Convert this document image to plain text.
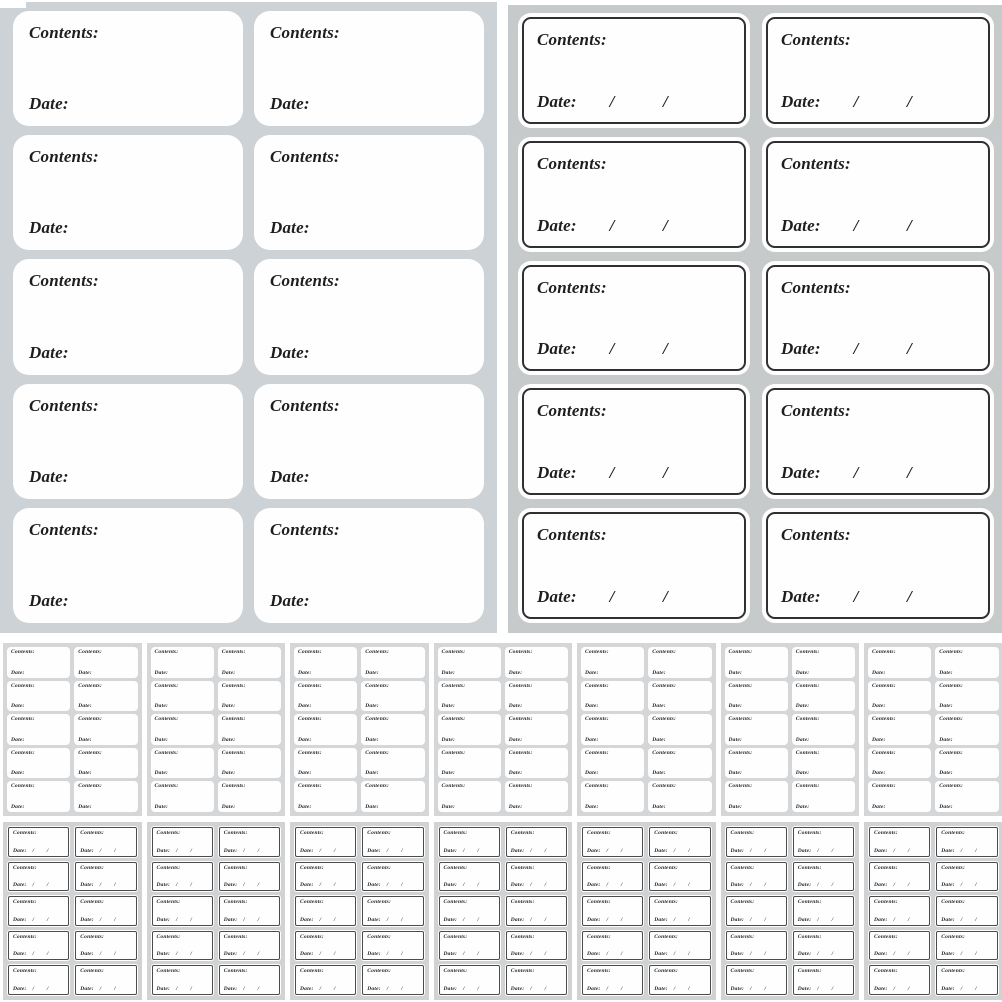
Contents:
Date:
Contents:
Date:
Contents:
Date:
Contents:
Date:
Contents:
Date:
Contents:
Date:
Contents:
Date:
Contents:
Date:
Contents:
Date:
Contents:
Date:
Contents:
Date: /	/
Contents:
Date: /	/
Contents:
Date: /	/
Contents:
Date: /	/
Contents:
Date: /	/
Contents:
Date: /	/
Contents:
Date: /	/
Contents:
Date: /	/
Contents:
Date: /	/
Contents:
Date: /	/
Contents:
Date:
Contents:
Date:
Contents:
Date:
Contents:
Date:
Contents:
Date:
Contents:
Date:
Contents:
Date:
Contents:
Date:
Contents:
Date:
Contents:
Date:
Contents:
Date:
Contents:
Date:
Contents:
Date:
Contents:
Date:
Contents:
Date:
Contents:
Date:
Contents:
Date:
Contents:
Date:
Contents:
Date:
Contents:
Date:
Contents:
Date:
Contents:
Date:
Contents:
Date:
Contents:
Date:
Contents:
Date:
Contents:
Date:
Contents:
Date:
Contents:
Date:
Contents:
Date:
Contents:
Date:
Contents:
Date:
Contents:
Date:
Contents:
Date:
Contents:
Date:
Contents:
Date:
Contents:
Date:
Contents:
Date:
Contents:
Date:
Contents:
Date:
Contents:
Date:
Contents:
Date:
Contents:
Date:
Contents:
Date:
Contents:
Date:
Contents:
Date:
Contents:
Date:
Contents:
Date:
Contents:
Date:
Contents:
Date:
Contents:
Date:
Contents:
Date:
Contents:
Date:
Contents:
Date:
Contents:
Date:
Contents:
Date:
Contents:
Date:
Contents:
Date:
Contents:
Date:
Contents:
Date:
Contents:
Date:
Contents:
Date:
Contents:
Date:
Contents:
Date:
Contents:
Date:
Contents:
Date:
Contents:
Date:
Contents:
Date:
Contents:
Date:
Contents:
Date:
Contents:
Date:
Contents:
Date: / /
Contents:
Date: / /
Contents:
Date: / /
Contents:
Date: / /
Contents:
Date: / /
Contents:
Date: / /
Contents:
Date: / /
Contents:
Date: / /
Contents:
Date: / /
Contents:
Date: / /
Contents:
Date: / /
Contents:
Date: / /
Contents:
Date: / /
Contents:
Date: / /
Contents:
Date: / /
Contents:
Date: / /
Contents:
Date: / /
Contents:
Date: / /
Contents:
Date: / /
Contents:
Date: / /
Contents:
Date: / /
Contents:
Date: / /
Contents:
Date: / /
Contents:
Date: / /
Contents:
Date: / /
Contents:
Date: / /
Contents:
Date: / /
Contents:
Date: / /
Contents:
Date: / /
Contents:
Date: / /
Contents:
Date: / /
Contents:
Date: / /
Contents:
Date: / /
Contents:
Date: / /
Contents:
Date: / /
Contents:
Date: / /
Contents:
Date: / /
Contents:
Date: / /
Contents:
Date: / /
Contents:
Date: / /
Contents:
Date: / /
Contents:
Date: / /
Contents:
Date: / /
Contents:
Date: / /
Contents:
Date: / /
Contents:
Date: / /
Contents:
Date: / /
Contents:
Date: / /
Contents:
Date: / /
Contents:
Date: / /
Contents:
Date: / /
Contents:
Date: / /
Contents:
Date: / /
Contents:
Date: / /
Contents:
Date: / /
Contents:
Date: / /
Contents:
Date: / /
Contents:
Date: / /
Contents:
Date: / /
Contents:
Date: / /
Contents:
Date: / /
Contents:
Date: / /
Contents:
Date: / /
Contents:
Date: / /
Contents:
Date: / /
Contents:
Date: / /
Contents:
Date: / /
Contents:
Date: / /
Contents:
Date: / /
Contents:
Date: / /
